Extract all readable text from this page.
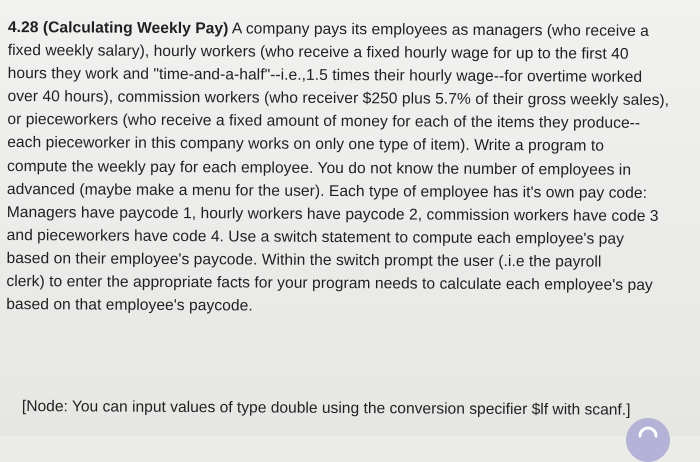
4.28 (Calculating Weekly Pay) A company pays its employees as managers (who receive a
fixed weekly salary), hourly workers (who receive a fixed hourly wage for up to the first 40
hours they work and "time-and-a-half"--i.e.,1.5 times their hourly wage--for overtime worked
over 40 hours), commission workers (who receiver $250 plus 5.7% of their gross weekly sales),
or pieceworkers (who receive a fixed amount of money for each of the items they produce--
each pieceworker in this company works on only one type of item). Write a program to
compute the weekly pay for each employee. You do not know the number of employees in
advanced (maybe make a menu for the user). Each type of employee has it's own pay code:
Managers have paycode 1, hourly workers have paycode 2, commission workers have code 3
and pieceworkers have code 4. Use a switch statement to compute each employee's pay
based on their employee's paycode. Within the switch prompt the user (.i.e the payroll
clerk) to enter the appropriate facts for your program needs to calculate each employee's pay
based on that employee's paycode.
[Node: You can input values of type double using the conversion specifier $lf with scanf.]
